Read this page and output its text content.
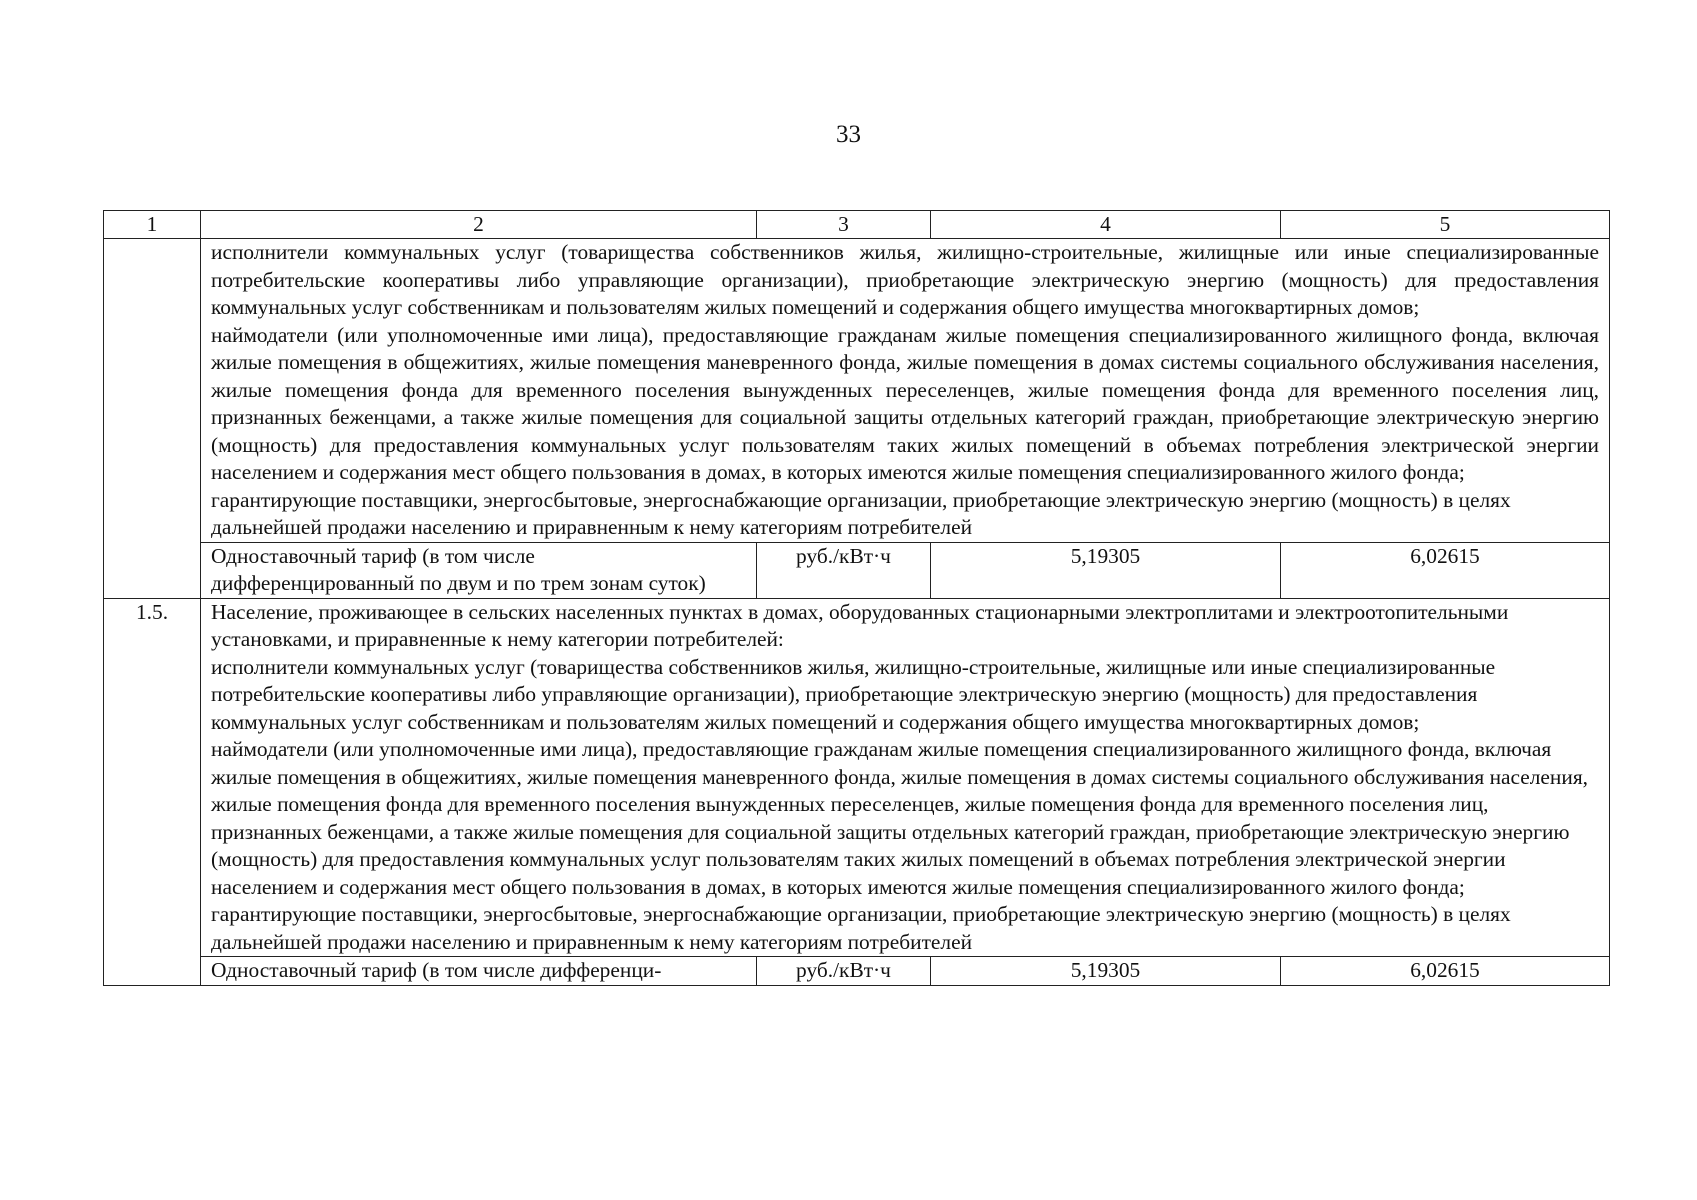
33
1	2	3	4	5

	исполнители коммунальных услуг (товарищества собственников жилья, жилищно-строительные, жилищные или иные специализированные потребительские кооперативы либо управляющие организации), приобретающие электрическую энергию (мощность) для предоставления коммунальных услуг собственникам и пользователям жилых помещений и содержания общего имущества многоквартирных домов;

наймодатели (или уполномоченные ими лица), предоставляющие гражданам жилые помещения специализированного жилищного фонда, включая жилые помещения в общежитиях, жилые помещения маневренного фонда, жилые помещения в домах системы социального обслуживания населения, жилые помещения фонда для временного поселения вынужденных переселенцев, жилые помещения фонда для временного поселения лиц, признанных беженцами, а также жилые помещения для социальной защиты отдельных категорий граждан, приобретающие электрическую энергию (мощность) для предоставления коммунальных услуг пользователям таких жилых помещений в объемах потребления электрической энергии населением и содержания мест общего пользования в домах, в которых имеются жилые помещения специализированного жилого фонда;

гарантирующие поставщики, энергосбытовые, энергоснабжающие организации, приобретающие электрическую энергию (мощность) в целях дальнейшей продажи населению и приравненным к нему категориям потребителей			

	Одноставочный тариф (в том числе дифференцированный по двум и по трем зонам суток)	руб./кВт·ч	5,19305	6,02615
1.5.	Население, проживающее в сельских населенных пунктах в домах, оборудованных стационарными электроплитами и электроотопительными установками, и приравненные к нему категории потребителей:

исполнители коммунальных услуг (товарищества собственников жилья, жилищно-строительные, жилищные или иные специализированные потребительские кооперативы либо управляющие организации), приобретающие электрическую энергию (мощность) для предоставления коммунальных услуг собственникам и пользователям жилых помещений и содержания общего имущества многоквартирных домов;

наймодатели (или уполномоченные ими лица), предоставляющие гражданам жилые помещения специализированного жилищного фонда, включая жилые помещения в общежитиях, жилые помещения маневренного фонда, жилые помещения в домах системы социального обслуживания населения, жилые помещения фонда для временного поселения вынужденных переселенцев, жилые помещения фонда для временного поселения лиц, признанных беженцами, а также жилые помещения для социальной защиты отдельных категорий граждан, приобретающие электрическую энергию (мощность) для предоставления коммунальных услуг пользователям таких жилых помещений в объемах потребления электрической энергии населением и содержания мест общего пользования в домах, в которых имеются жилые помещения специализированного жилого фонда;

гарантирующие поставщики, энергосбытовые, энергоснабжающие организации, приобретающие электрическую энергию (мощность) в целях дальнейшей продажи населению и приравненным к нему категориям потребителей			

	Одноставочный тариф (в том числе дифференци-	руб./кВт·ч	5,19305	6,02615
